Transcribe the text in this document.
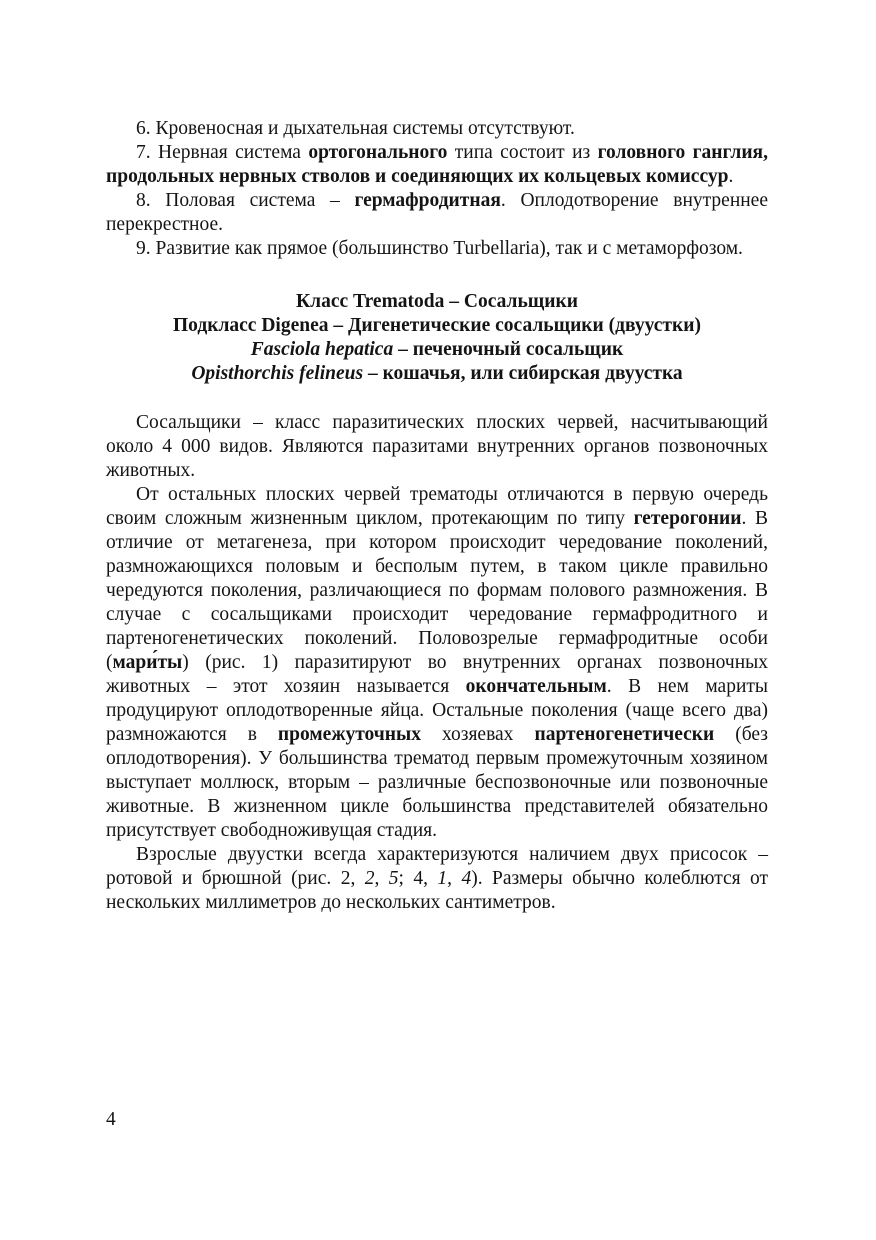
6. Кровеносная и дыхательная системы отсутствуют.

7. Нервная система ортогонального типа состоит из головного ганглия, продольных нервных стволов и соединяющих их кольцевых комиссур.

8. Половая система – гермафродитная. Оплодотворение внутреннее перекрестное.

9. Развитие как прямое (большинство Turbellaria), так и с метаморфозом.

Класс Trematoda – Сосальщики

Подкласс Digenea – Дигенетические сосальщики (двуустки)

Fasciola hepatica – печеночный сосальщик

Opisthorchis felineus – кошачья, или сибирская двуустка

Сосальщики – класс паразитических плоских червей, насчитывающий около 4 000 видов. Являются паразитами внутренних органов позвоночных животных.

От остальных плоских червей трематоды отличаются в первую очередь своим сложным жизненным циклом, протекающим по типу гетерогонии. В отличие от метагенеза, при котором происходит чередование поколений, размножающихся половым и бесполым путем, в таком цикле правильно чередуются поколения, различающиеся по формам полового размножения. В случае с сосальщиками происходит чередование гермафродитного и партеногенетических поколений. Половозрелые гермафродитные особи (мари́ты) (рис. 1) паразитируют во внутренних органах позвоночных животных – этот хозяин называется окончательным. В нем мариты продуцируют оплодотворенные яйца. Остальные поколения (чаще всего два) размножаются в промежуточных хозяевах партеногенетически (без оплодотворения). У большинства трематод первым промежуточным хозяином выступает моллюск, вторым – различные беспозвоночные или позвоночные животные. В жизненном цикле большинства представителей обязательно присутствует свободноживущая стадия.

Взрослые двуустки всегда характеризуются наличием двух присосок – ротовой и брюшной (рис. 2, 2, 5; 4, 1, 4). Размеры обычно колеблются от нескольких миллиметров до нескольких сантиметров.

4
